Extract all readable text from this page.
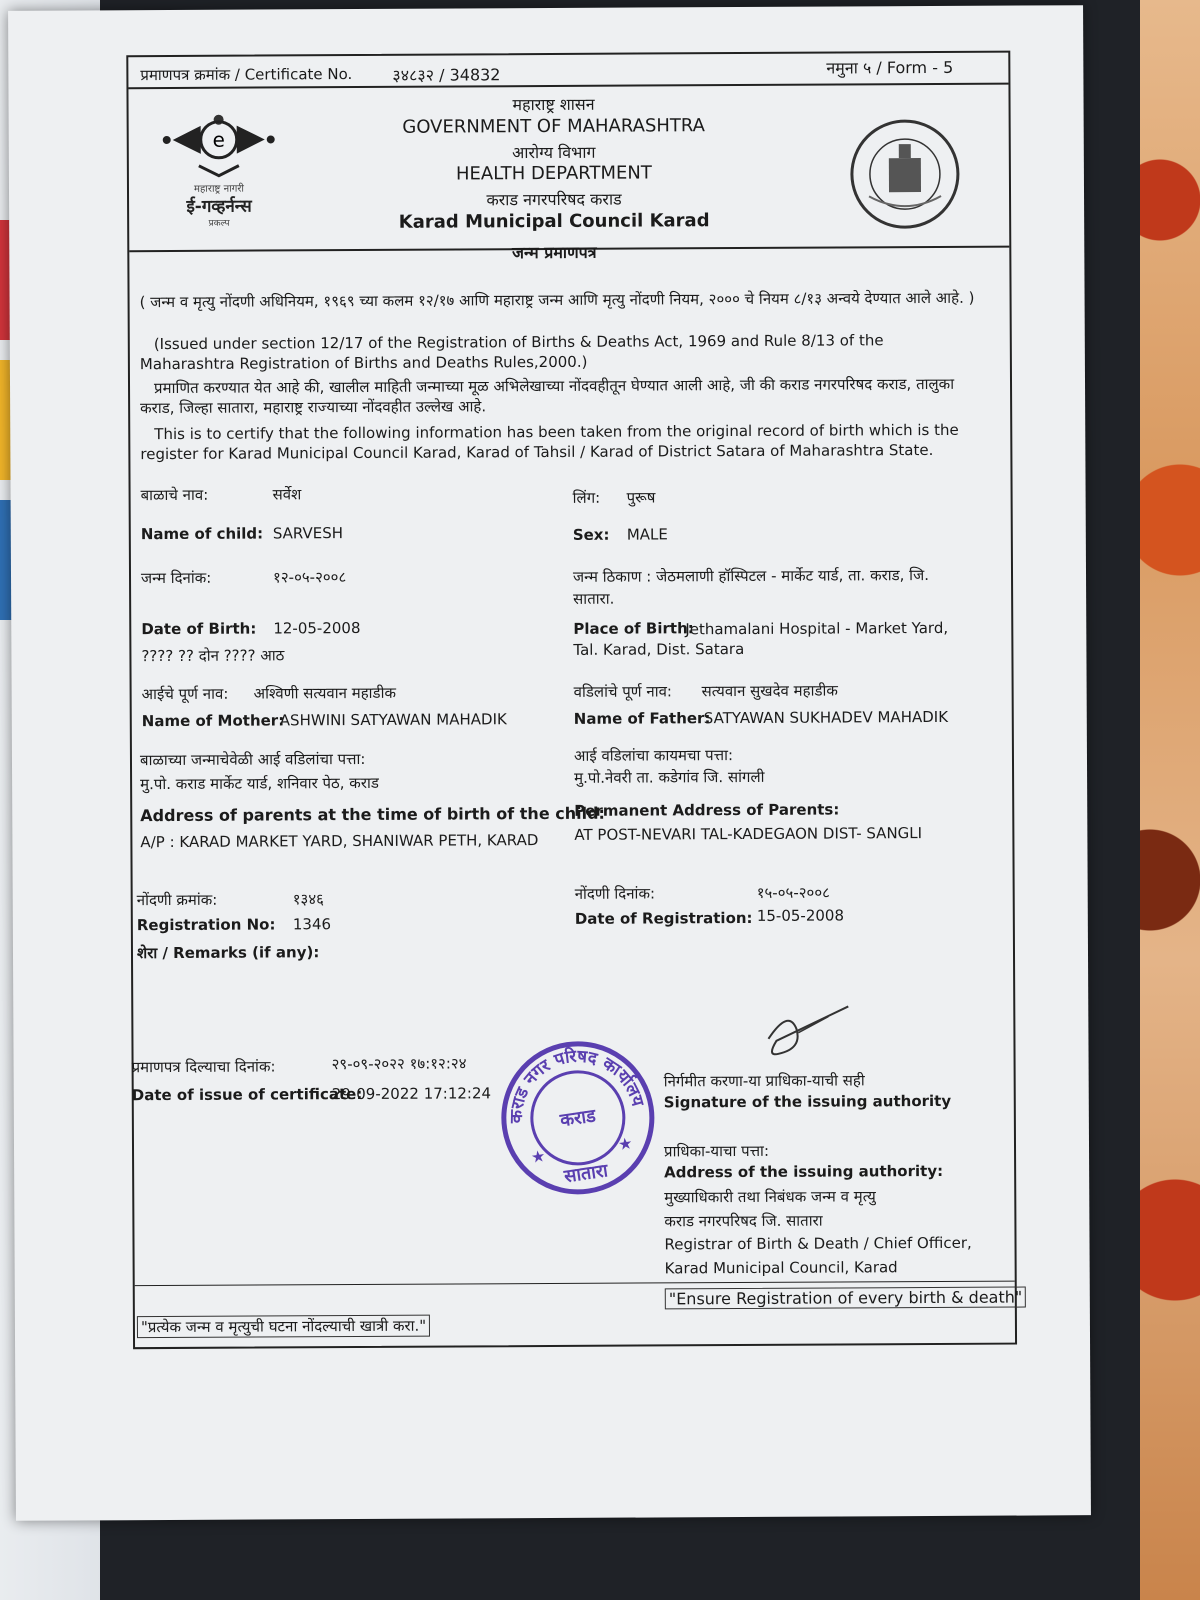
प्रमाणपत्र क्रमांक / Certificate No.	३४८३२ / 34832	नमुना ५ / Form - 5
महाराष्ट्र शासन
GOVERNMENT OF MAHARASHTRA
आरोग्य विभाग
HEALTH DEPARTMENT
कराड नगरपरिषद कराड
Karad Municipal Council Karad
जन्म प्रमाणपत्र
e
महाराष्ट्र नागरी
ई-गव्हर्नन्स
प्रकल्प
( जन्म व मृत्यु नोंदणी अधिनियम, १९६९ च्या कलम १२/१७ आणि महाराष्ट्र जन्म आणि मृत्यु नोंदणी नियम, २००० चे नियम ८/१३ अन्वये देण्यात आले आहे. )
(Issued under section 12/17 of the Registration of Births & Deaths Act, 1969 and Rule 8/13 of the Maharashtra Registration of Births and Deaths Rules,2000.)
प्रमाणित करण्यात येत आहे की, खालील माहिती जन्माच्या मूळ अभिलेखाच्या नोंदवहीतून घेण्यात आली आहे, जी की कराड नगरपरिषद कराड, तालुका कराड, जिल्हा सातारा, महाराष्ट्र राज्याच्या नोंदवहीत उल्लेख आहे.
This is to certify that the following information has been taken from the original record of birth which is the register for Karad Municipal Council Karad, Karad of Tahsil / Karad of District Satara of Maharashtra State.
बाळाचे नाव:	सर्वेश
Name of child: SARVESH
जन्म दिनांक:	१२-०५-२००८
Date of Birth: 12-05-2008
???? ?? दोन ???? आठ
आईचे पूर्ण नाव: अश्विणी सत्यवान महाडीक
Name of Mother:
ASHWINI SATYAWAN MAHADIK
बाळाच्या जन्माचेवेळी आई वडिलांचा पत्ता:
मु.पो. कराड मार्केट यार्ड, शनिवार पेठ, कराड
Address of parents at the time of birth of the child:
A/P : KARAD MARKET YARD, SHANIWAR PETH, KARAD
नोंदणी क्रमांक:	१३४६
Registration No: 1346
शेरा / Remarks (if any):
लिंग: पुरूष
Sex: MALE
जन्म ठिकाण : जेठमलाणी हॉस्पिटल - मार्केट यार्ड, ता. कराड, जि. सातारा.
Place of Birth:
Jethamalani Hospital - Market Yard, Tal. Karad, Dist. Satara
वडिलांचे पूर्ण नाव: सत्यवान सुखदेव महाडीक
Name of Father:
SATYAWAN SUKHADEV MAHADIK
आई वडिलांचा कायमचा पत्ता:
मु.पो.नेवरी ता. कडेगांव जि. सांगली
Permanent Address of Parents:
AT POST-NEVARI TAL-KADEGAON DIST- SANGLI
नोंदणी दिनांक:	१५-०५-२००८
Date of Registration: 15-05-2008
प्रमाणपत्र दिल्याचा दिनांक:	२९-०९-२०२२ १७:१२:२४
Date of issue of certificate:
29-09-2022 17:12:24
कराड नगर परिषद कार्यालय
कराड
सातारा
★
★
निर्गमीत करणा-या प्राधिका-याची सही
Signature of the issuing authority
प्राधिका-याचा पत्ता:
Address of the issuing authority:
मुख्याधिकारी तथा निबंधक जन्म व मृत्यु
कराड नगरपरिषद जि. सातारा
Registrar of Birth & Death / Chief Officer,
Karad Municipal Council, Karad
"प्रत्येक जन्म व मृत्युची घटना नोंदल्याची खात्री करा."
"Ensure Registration of every birth & death"
